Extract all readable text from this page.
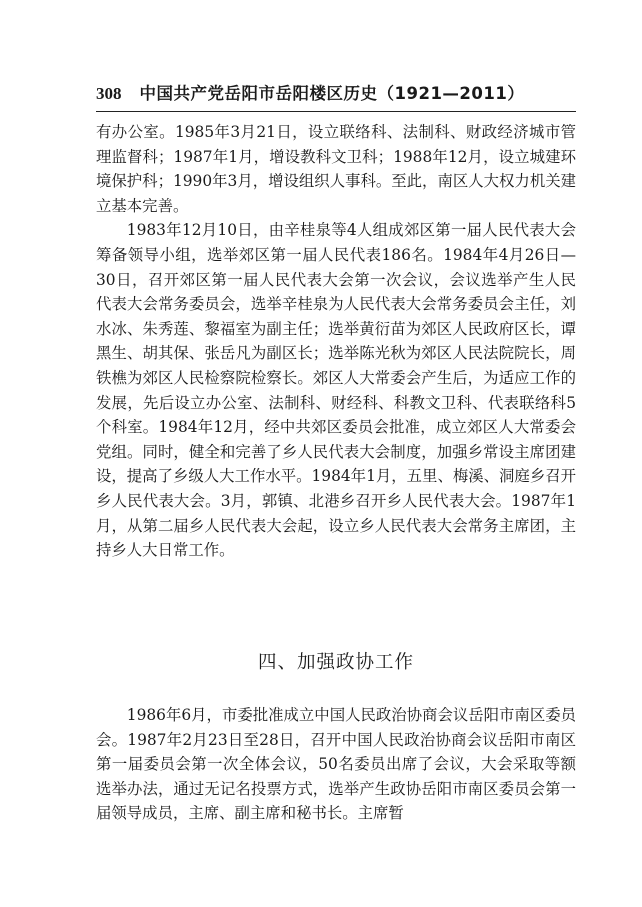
308 中国共产党岳阳市岳阳楼区历史（1921—2011）

有办公室。1985年3月21日，设立联络科、法制科、财政经济城市管理监督科；1987年1月，增设教科文卫科；1988年12月，设立城建环境保护科；1990年3月，增设组织人事科。至此，南区人大权力机关建立基本完善。

1983年12月10日，由辛桂泉等4人组成郊区第一届人民代表大会筹备领导小组，选举郊区第一届人民代表186名。1984年4月26日—30日，召开郊区第一届人民代表大会第一次会议，会议选举产生人民代表大会常务委员会，选举辛桂泉为人民代表大会常务委员会主任，刘水冰、朱秀莲、黎福室为副主任；选举黄衍苗为郊区人民政府区长，谭黑生、胡其保、张岳凡为副区长；选举陈光秋为郊区人民法院院长，周铁樵为郊区人民检察院检察长。郊区人大常委会产生后，为适应工作的发展，先后设立办公室、法制科、财经科、科教文卫科、代表联络科5个科室。1984年12月，经中共郊区委员会批准，成立郊区人大常委会党组。同时，健全和完善了乡人民代表大会制度，加强乡常设主席团建设，提高了乡级人大工作水平。1984年1月，五里、梅溪、洞庭乡召开乡人民代表大会。3月，郭镇、北港乡召开乡人民代表大会。1987年1月，从第二届乡人民代表大会起，设立乡人民代表大会常务主席团，主持乡人大日常工作。

四、加强政协工作

1986年6月，市委批准成立中国人民政治协商会议岳阳市南区委员会。1987年2月23日至28日，召开中国人民政治协商会议岳阳市南区第一届委员会第一次全体会议，50名委员出席了会议，大会采取等额选举办法，通过无记名投票方式，选举产生政协岳阳市南区委员会第一届领导成员，主席、副主席和秘书长。主席暂
